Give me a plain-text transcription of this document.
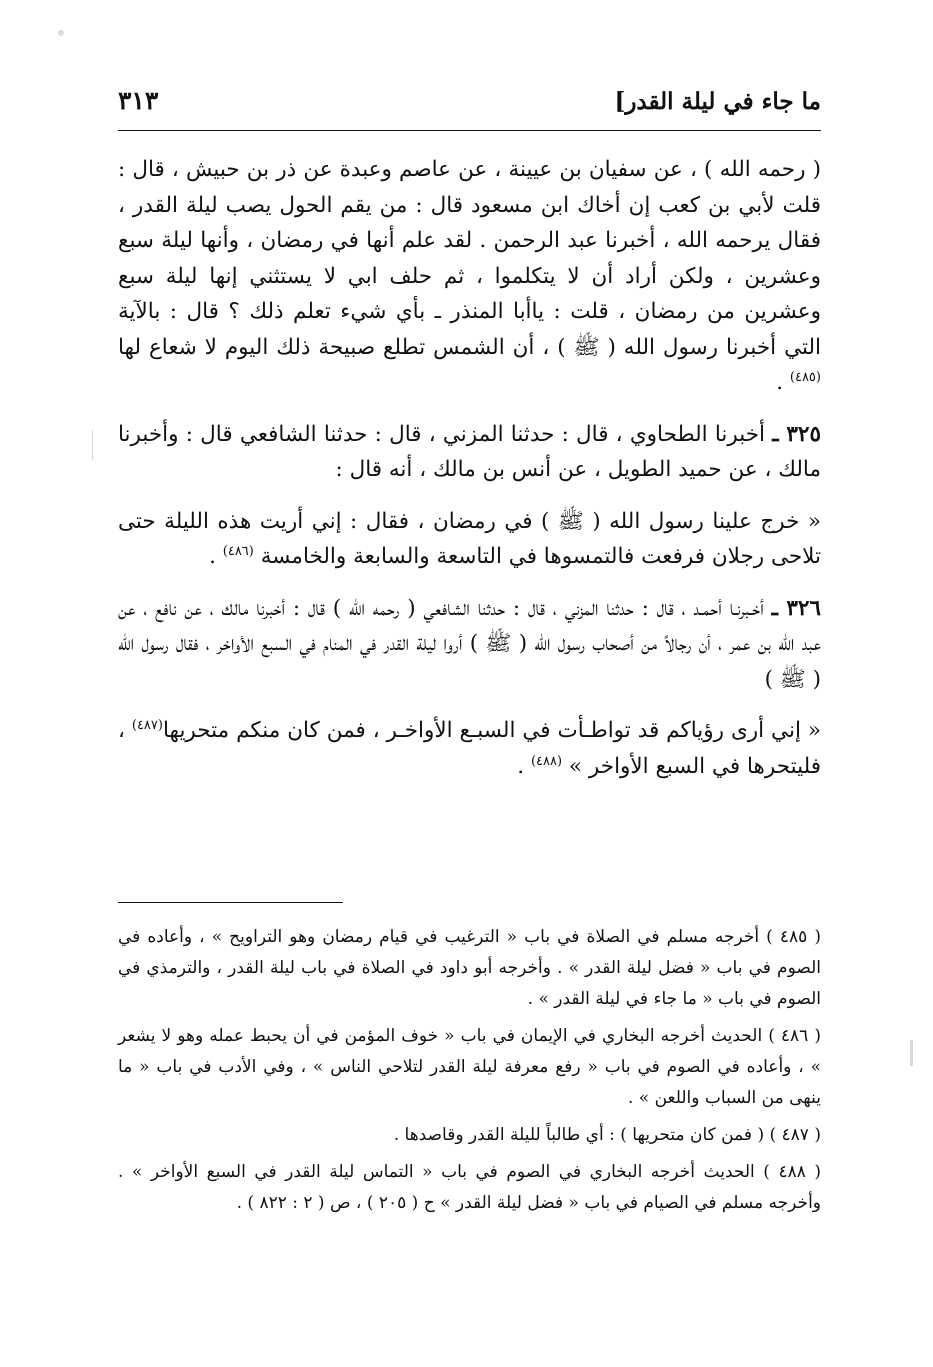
ما جاء في ليلة القدر]
٣١٣

( رحمه الله ) ، عن سفيان بن عيينة ، عن عاصم وعبدة عن ذر بن حبيش ، قال : قلت لأبي بن كعب إن أخاك ابن مسعود قال : من يقم الحول يصب ليلة القدر ، فقال يرحمه الله ، أخبرنا عبد الرحمن . لقد علم أنها في رمضان ، وأنها ليلة سبع وعشرين ، ولكن أراد أن لا يتكلموا ، ثم حلف ابي لا يستثني إنها ليلة سبع وعشرين من رمضان ، قلت : ياأبا المنذر ـ بأي شيء تعلم ذلك ؟ قال : بالآية التي أخبرنا رسول الله ( ﷺ ) ، أن الشمس تطلع صبيحة ذلك اليوم لا شعاع لها $^{(٤٨٥)}$ .

٣٢٥ ـ أخبرنا الطحاوي ، قال : حدثنا المزني ، قال : حدثنا الشافعي قال : وأخبرنا مالك ، عن حميد الطويل ، عن أنس بن مالك ، أنه قال :

« خرج علينا رسول الله ( ﷺ ) في رمضان ، فقال : إني أريت هذه الليلة حتى تلاحى رجلان فرفعت فالتمسوها في التاسعة والسابعة والخامسة $^{(٤٨٦)}$ .

٣٢٦ ـ أخـبرنـا أحمـد ، قال : حدثنا المزني ، قال : حدثنا الشافعي ( رحمه الله ) قال : أخبرنا مالك ، عن نافع ، عن عبد الله بن عمر ، أن رجالاً من أصحاب رسول الله ( ﷺ ) أروا ليلة القدر في المنام في السبع الأواخر ، فقال رسول الله ( ﷺ )

« إني أرى رؤياكم قد تواطـأت في السبـع الأواخـر ، فمن كان منكم متحريها$^{(٤٨٧)}$ ، فليتحرها في السبع الأواخر » $^{(٤٨٨)}$ .

( ٤٨٥ ) أخرجه مسلم في الصلاة في باب « الترغيب في قيام رمضان وهو التراويح » ، وأعاده في الصوم في باب « فضل ليلة القدر » . وأخرجه أبو داود في الصلاة في باب ليلة القدر ، والترمذي في الصوم في باب « ما جاء في ليلة القدر » .

( ٤٨٦ ) الحديث أخرجه البخاري في الإيمان في باب « خوف المؤمن في أن يحبط عمله وهو لا يشعر » ، وأعاده في الصوم في باب « رفع معرفة ليلة القدر لتلاحي الناس » ، وفي الأدب في باب « ما ينهى من السباب واللعن » .

( ٤٨٧ ) ( فمن كان متحريها ) : أي طالباً لليلة القدر وقاصدها .

( ٤٨٨ ) الحديث أخرجه البخاري في الصوم في باب « التماس ليلة القدر في السبع الأواخر » . وأخرجه مسلم في الصيام في باب « فضل ليلة القدر » ح ( ٢٠٥ ) ، ص ( ٢ : ٨٢٢ ) .
